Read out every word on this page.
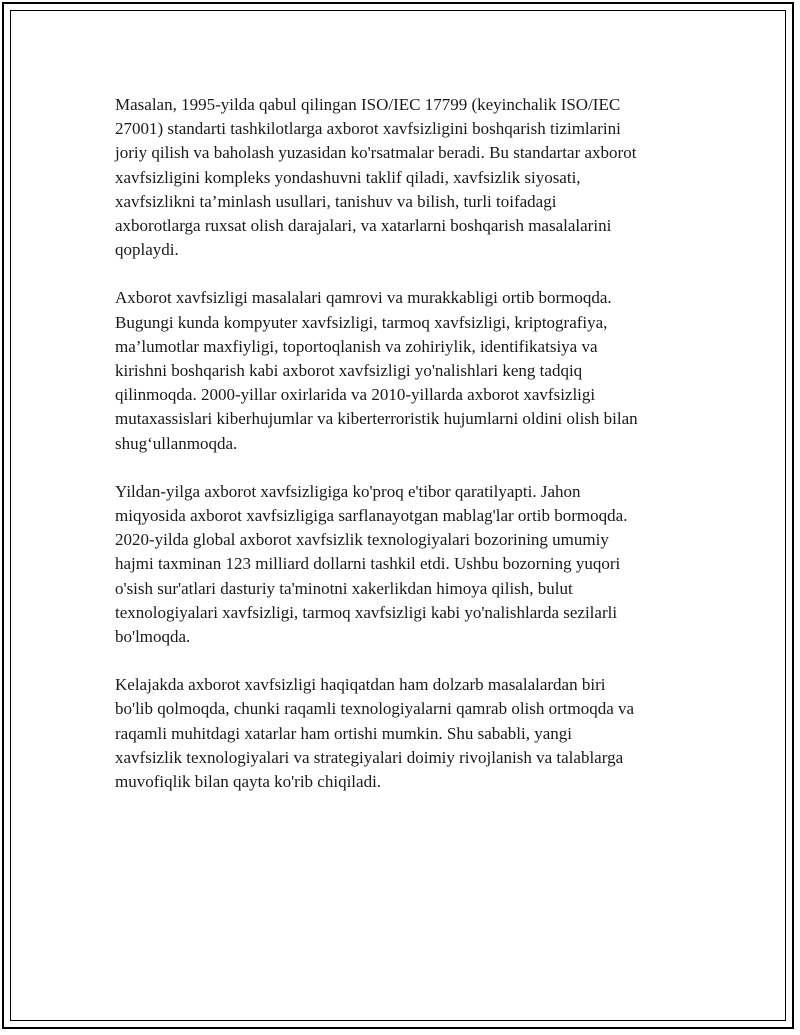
Masalan, 1995-yilda qabul qilingan ISO/IEC 17799 (keyinchalik ISO/IEC
27001) standarti tashkilotlarga axborot xavfsizligini boshqarish tizimlarini
joriy qilish va baholash yuzasidan ko'rsatmalar beradi. Bu standartar axborot
xavfsizligini kompleks yondashuvni taklif qiladi, xavfsizlik siyosati,
xavfsizlikni ta’minlash usullari, tanishuv va bilish, turli toifadagi
axborotlarga ruxsat olish darajalari, va xatarlarni boshqarish masalalarini
qoplaydi.

Axborot xavfsizligi masalalari qamrovi va murakkabligi ortib bormoqda.
Bugungi kunda kompyuter xavfsizligi, tarmoq xavfsizligi, kriptografiya,
ma’lumotlar maxfiyligi, toportoqlanish va zohiriylik, identifikatsiya va
kirishni boshqarish kabi axborot xavfsizligi yo'nalishlari keng tadqiq
qilinmoqda. 2000-yillar oxirlarida va 2010-yillarda axborot xavfsizligi
mutaxassislari kiberhujumlar va kiberterroristik hujumlarni oldini olish bilan
shug‘ullanmoqda.

Yildan-yilga axborot xavfsizligiga ko'proq e'tibor qaratilyapti. Jahon
miqyosida axborot xavfsizligiga sarflanayotgan mablag'lar ortib bormoqda.
2020-yilda global axborot xavfsizlik texnologiyalari bozorining umumiy
hajmi taxminan 123 milliard dollarni tashkil etdi. Ushbu bozorning yuqori
o'sish sur'atlari dasturiy ta'minotni xakerlikdan himoya qilish, bulut
texnologiyalari xavfsizligi, tarmoq xavfsizligi kabi yo'nalishlarda sezilarli
bo'lmoqda.

Kelajakda axborot xavfsizligi haqiqatdan ham dolzarb masalalardan biri
bo'lib qolmoqda, chunki raqamli texnologiyalarni qamrab olish ortmoqda va
raqamli muhitdagi xatarlar ham ortishi mumkin. Shu sababli, yangi
xavfsizlik texnologiyalari va strategiyalari doimiy rivojlanish va talablarga
muvofiqlik bilan qayta ko'rib chiqiladi.
